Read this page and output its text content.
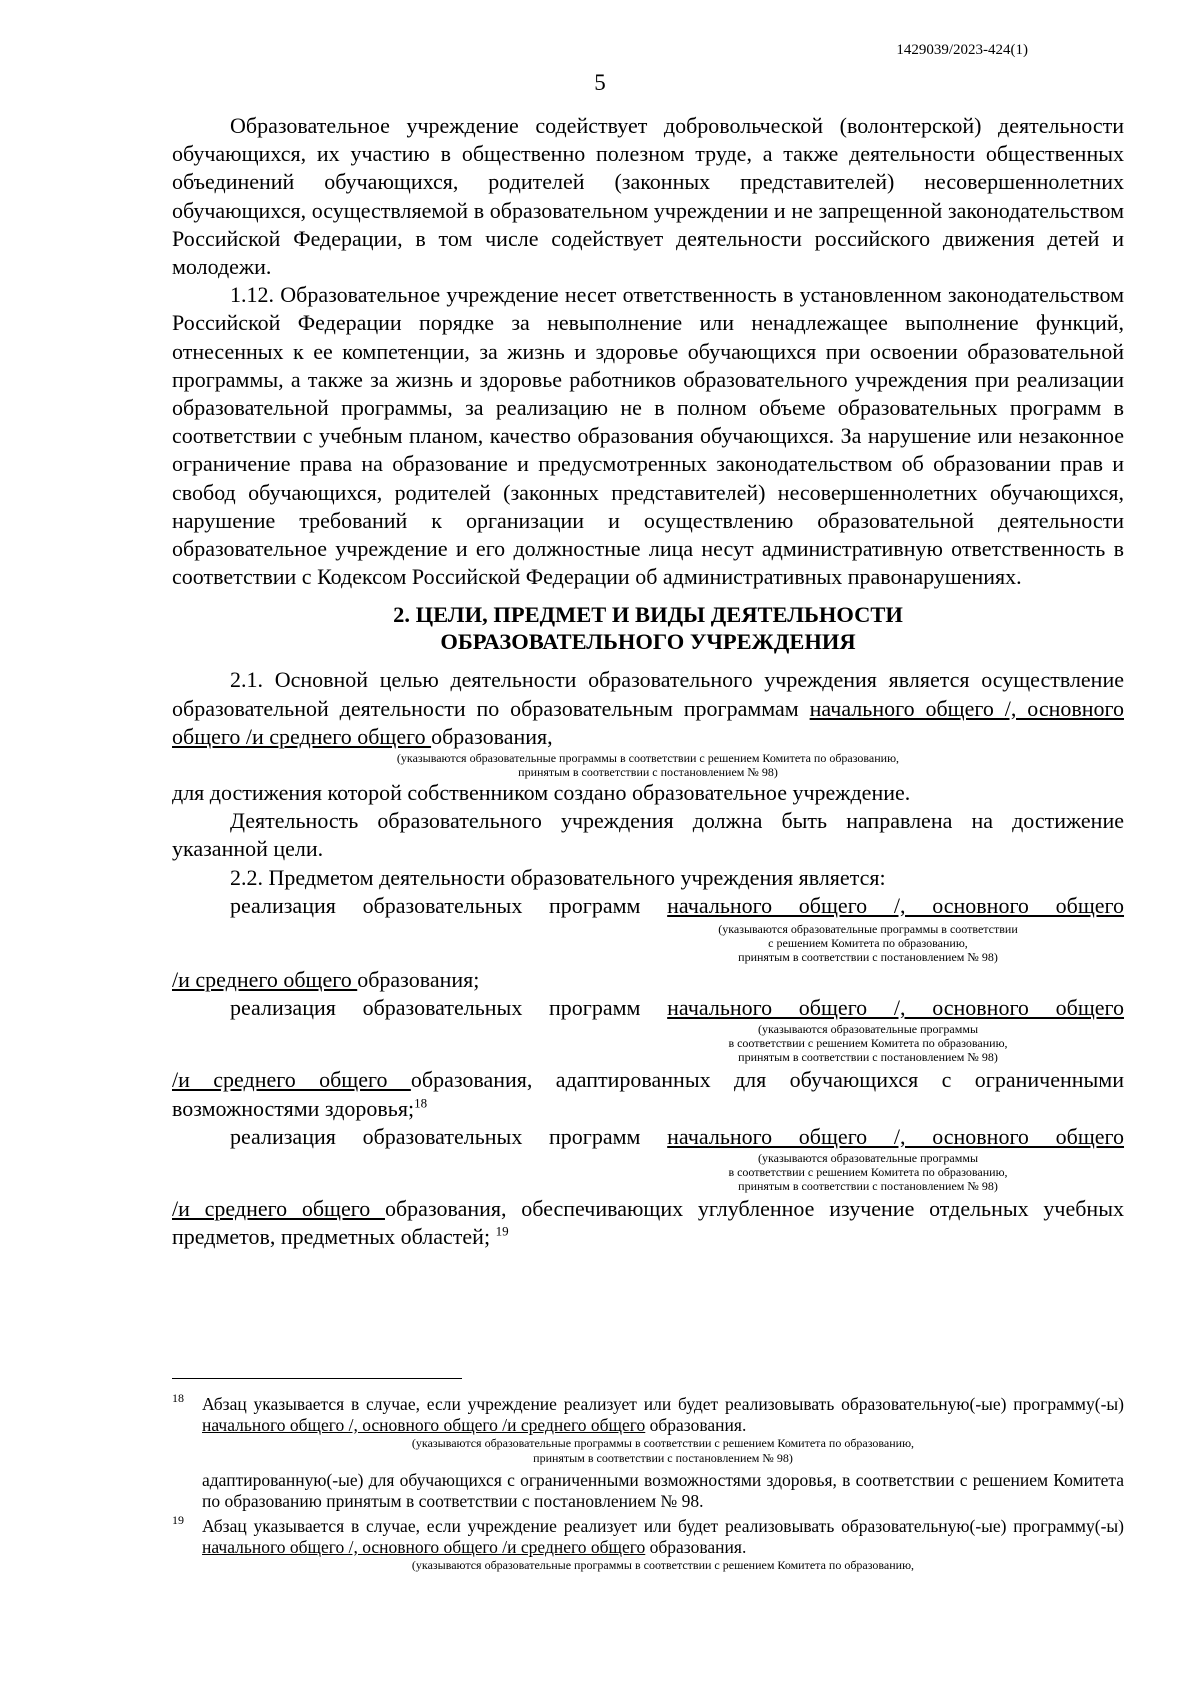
1429039/2023-424(1)
5

Образовательное учреждение содействует добровольческой (волонтерской) деятельности обучающихся, их участию в общественно полезном труде, а также деятельности общественных объединений обучающихся, родителей (законных представителей) несовершеннолетних обучающихся, осуществляемой в образовательном учреждении и не запрещенной законодательством Российской Федерации, в том числе содействует деятельности российского движения детей и молодежи.

1.12. Образовательное учреждение несет ответственность в установленном законодательством Российской Федерации порядке за невыполнение или ненадлежащее выполнение функций, отнесенных к ее компетенции, за жизнь и здоровье обучающихся при освоении образовательной программы, а также за жизнь и здоровье работников образовательного учреждения при реализации образовательной программы, за реализацию не в полном объеме образовательных программ в соответствии с учебным планом, качество образования обучающихся. За нарушение или незаконное ограничение права на образование и предусмотренных законодательством об образовании прав и свобод обучающихся, родителей (законных представителей) несовершеннолетних обучающихся, нарушение требований к организации и осуществлению образовательной деятельности образовательное учреждение и его должностные лица несут административную ответственность в соответствии с Кодексом Российской Федерации об административных правонарушениях.

2. ЦЕЛИ, ПРЕДМЕТ И ВИДЫ ДЕЯТЕЛЬНОСТИ
ОБРАЗОВАТЕЛЬНОГО УЧРЕЖДЕНИЯ

2.1. Основной целью деятельности образовательного учреждения является осуществление образовательной деятельности по образовательным программам начального общего /, основного общего /и среднего общего образования,

(указываются образовательные программы в соответствии с решением Комитета по образованию,
принятым в соответствии с постановлением № 98)

для достижения которой собственником создано образовательное учреждение.

Деятельность образовательного учреждения должна быть направлена на достижение указанной цели.

2.2. Предметом деятельности образовательного учреждения является:

реализация образовательных программ начального общего /, основного общего

(указываются образовательные программы в соответствии
с решением Комитета по образованию,
принятым в соответствии с постановлением № 98)

/и среднего общего образования;

реализация образовательных программ начального общего /, основного общего

(указываются образовательные программы
в соответствии с решением Комитета по образованию,
принятым в соответствии с постановлением № 98)

/и среднего общего образования, адаптированных для обучающихся с ограниченными возможностями здоровья;$^{18}$

реализация образовательных программ начального общего /, основного общего

(указываются образовательные программы
в соответствии с решением Комитета по образованию,
принятым в соответствии с постановлением № 98)

/и среднего общего образования, обеспечивающих углубленное изучение отдельных учебных предметов, предметных областей; $^{19}$

18 Абзац указывается в случае, если учреждение реализует или будет реализовывать образовательную(-ые) программу(-ы) начального общего /, основного общего /и среднего общего образования.

(указываются образовательные программы в соответствии с решением Комитета по образованию,
принятым в соответствии с постановлением № 98)

адаптированную(-ые) для обучающихся с ограниченными возможностями здоровья, в соответствии с решением Комитета по образованию принятым в соответствии с постановлением № 98.

19 Абзац указывается в случае, если учреждение реализует или будет реализовывать образовательную(-ые) программу(-ы) начального общего /, основного общего /и среднего общего образования.

(указываются образовательные программы в соответствии с решением Комитета по образованию,
